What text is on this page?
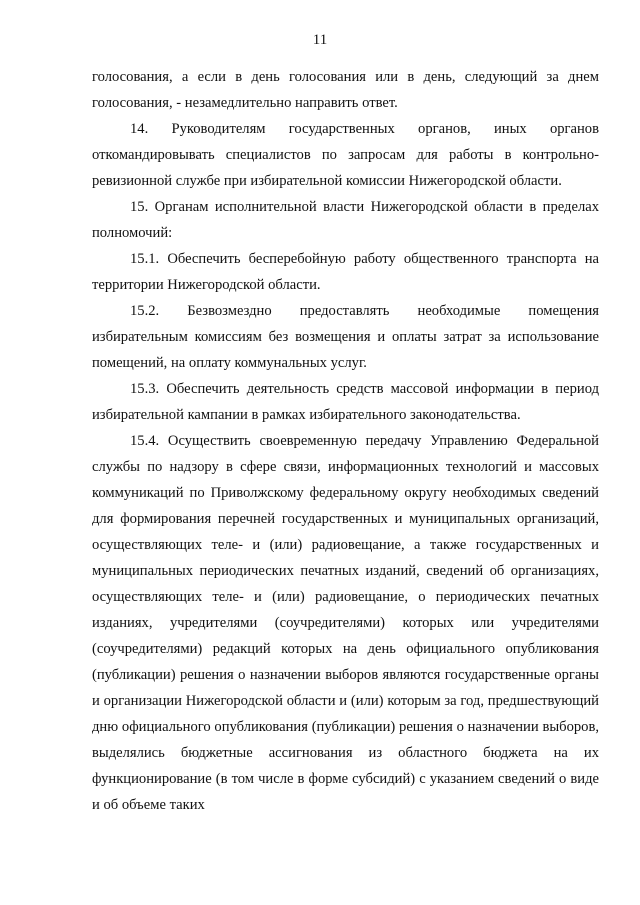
11

голосования, а если в день голосования или в день, следующий за днем голосования, - незамедлительно направить ответ.

14. Руководителям государственных органов, иных органов откомандировывать специалистов по запросам для работы в контрольно-ревизионной службе при избирательной комиссии Нижегородской области.

15. Органам исполнительной власти Нижегородской области в пределах полномочий:

15.1. Обеспечить бесперебойную работу общественного транспорта на территории Нижегородской области.

15.2. Безвозмездно предоставлять необходимые помещения избирательным комиссиям без возмещения и оплаты затрат за использование помещений, на оплату коммунальных услуг.

15.3. Обеспечить деятельность средств массовой информации в период избирательной кампании в рамках избирательного законодательства.

15.4. Осуществить своевременную передачу Управлению Федеральной службы по надзору в сфере связи, информационных технологий и массовых коммуникаций по Приволжскому федеральному округу необходимых сведений для формирования перечней государственных и муниципальных организаций, осуществляющих теле- и (или) радиовещание, а также государственных и муниципальных периодических печатных изданий, сведений об организациях, осуществляющих теле- и (или) радиовещание, о периодических печатных изданиях, учредителями (соучредителями) которых или учредителями (соучредителями) редакций которых на день официального опубликования (публикации) решения о назначении выборов являются государственные органы и организации Нижегородской области и (или) которым за год, предшествующий дню официального опубликования (публикации) решения о назначении выборов, выделялись бюджетные ассигнования из областного бюджета на их функционирование (в том числе в форме субсидий) с указанием сведений о виде и об объеме таких
